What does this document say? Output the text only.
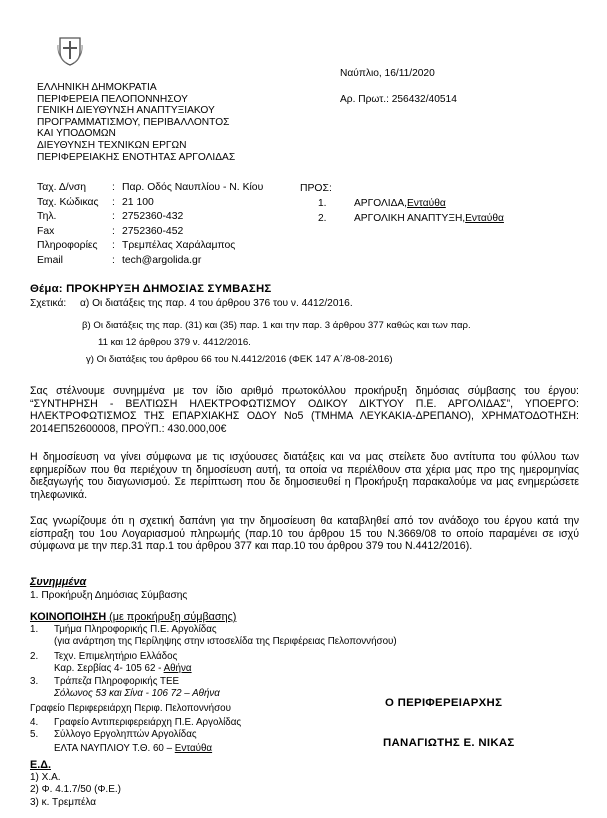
Ναύπλιο, 16/11/2020
Αρ. Πρωτ.: 256432/40514
ΕΛΛΗΝΙΚΗ ΔΗΜΟΚΡΑΤΙΑ
ΠΕΡΙΦΕΡΕΙΑ ΠΕΛΟΠΟΝΝΗΣΟΥ
ΓΕΝΙΚΗ ΔΙΕΥΘΥΝΣΗ ΑΝΑΠΤΥΞΙΑΚΟΥ
ΠΡΟΓΡΑΜΜΑΤΙΣΜΟΥ, ΠΕΡΙΒΑΛΛΟΝΤΟΣ
ΚΑΙ ΥΠΟΔΟΜΩΝ
ΔΙΕΥΘΥΝΣΗ ΤΕΧΝΙΚΩΝ ΕΡΓΩΝ
ΠΕΡΙΦΕΡΕΙΑΚΗΣ ΕΝΟΤΗΤΑΣ ΑΡΓΟΛΙΔΑΣ
Ταχ. Δ/νση	: Παρ. Οδός Ναυπλίου - Ν. Κίου
Ταχ. Κώδικας	: 21 100
Τηλ.	: 2752360-432
Fax	: 2752360-452
Πληροφορίες	: Τρεμπέλας Χαράλαμπος
Email	: tech@argolida.gr
ΠΡΟΣ:
1.	ΑΡΓΟΛΙΔΑ, Ενταύθα
2.	ΑΡΓΟΛΙΚΗ ΑΝΑΠΤΥΞΗ, Ενταύθα
Θέμα: ΠΡΟΚΗΡΥΞΗ ΔΗΜΟΣΙΑΣ ΣΥΜΒΑΣΗΣ
Σχετικά: α) Οι διατάξεις της παρ. 4 του άρθρου 376 του ν. 4412/2016.
β) Οι διατάξεις της παρ. (31) και (35) παρ. 1 και την παρ. 3 άρθρου 377 καθώς και των παρ.
11 και 12 άρθρου 379 ν. 4412/2016.
γ) Οι διατάξεις του άρθρου 66 του Ν.4412/2016 (ΦΕΚ 147 Α΄/8-08-2016)
Σας στέλνουμε συνημμένα με τον ίδιο αριθμό πρωτοκόλλου προκήρυξη δημόσιας σύμβασης του έργου: “ΣΥΝΤΗΡΗΣΗ - ΒΕΛΤΙΩΣΗ ΗΛΕΚΤΡΟΦΩΤΙΣΜΟΥ ΟΔΙΚΟΥ ΔΙΚΤΥΟΥ Π.Ε. ΑΡΓΟΛΙΔΑΣ”, ΥΠΟΕΡΓΟ: ΗΛΕΚΤΡΟΦΩΤΙΣΜΟΣ ΤΗΣ ΕΠΑΡΧΙΑΚΗΣ ΟΔΟΥ Νο5 (ΤΜΗΜΑ ΛΕΥΚΑΚΙΑ-ΔΡΕΠΑΝΟ), ΧΡΗΜΑΤΟΔΟΤΗΣΗ: 2014ΕΠ52600008, ΠΡΟΫΠ.: 430.000,00€
Η δημοσίευση να γίνει σύμφωνα με τις ισχύουσες διατάξεις και να μας στείλετε δυο αντίτυπα του φύλλου των εφημερίδων που θα περιέχουν τη δημοσίευση αυτή, τα οποία να περιέλθουν στα χέρια μας προ της ημερομηνίας διεξαγωγής του διαγωνισμού. Σε περίπτωση που δε δημοσιευθεί η Προκήρυξη παρακαλούμε να μας ενημερώσετε τηλεφωνικά.
Σας γνωρίζουμε ότι η σχετική δαπάνη για την δημοσίευση θα καταβληθεί από τον ανάδοχο του έργου κατά την είσπραξη του 1ου Λογαριασμού πληρωμής (παρ.10 του άρθρου 15 του Ν.3669/08 το οποίο παραμένει σε ισχύ σύμφωνα με την περ.31 παρ.1 του άρθρου 377 και παρ.10 του άρθρου 379 του Ν.4412/2016).
Συνημμένα
1. Προκήρυξη Δημόσιας Σύμβασης
ΚΟΙΝΟΠΟΙΗΣΗ (με προκήρυξη σύμβασης)
1. Τμήμα Πληροφορικής Π.Ε. Αργολίδας
(για ανάρτηση της Περίληψης στην ιστοσελίδα της Περιφέρειας Πελοποννήσου)
2. Τεχν. Επιμελητήριο Ελλάδος
Καρ. Σερβίας 4- 105 62 - Αθήνα
3. Τράπεζα Πληροφορικής ΤΕΕ
Σόλωνος 53 και Σίνα - 106 72 – Αθήνα
Γραφείο Περιφερειάρχη Περιφ. Πελοποννήσου
4. Γραφείο Αντιπεριφερειάρχη Π.Ε. Αργολίδας
5. Σύλλογο Εργοληπτών Αργολίδας
ΕΛΤΑ ΝΑΥΠΛΙΟΥ Τ.Θ. 60 – Ενταύθα
Ο ΠΕΡΙΦΕΡΕΙΑΡΧΗΣ
ΠΑΝΑΓΙΩΤΗΣ Ε. ΝΙΚΑΣ
Ε.Δ.
1) Χ.Α.
2) Φ. 4.1.7/50 (Φ.Ε.)
3) κ. Τρεμπέλα
